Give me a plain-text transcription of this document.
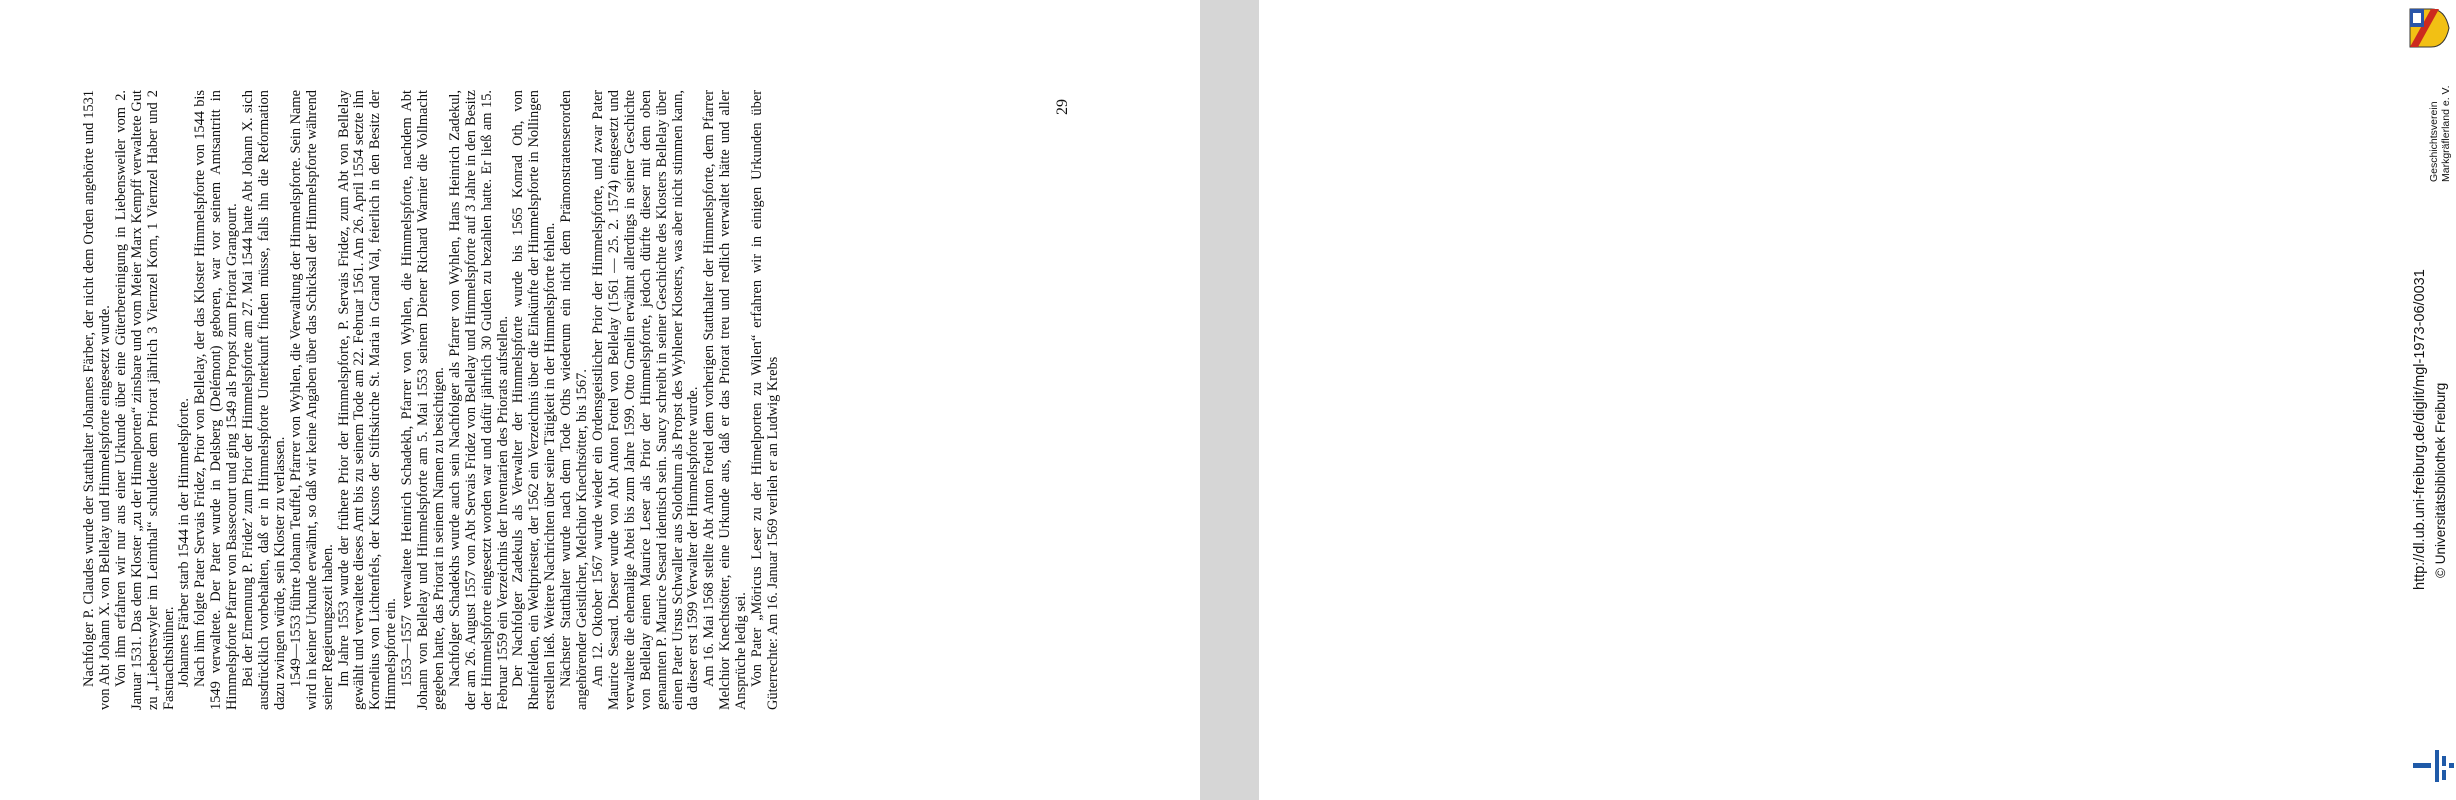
Nachfolger P. Claudes wurde der Statthalter Johannes Färber, der nicht dem Orden angehörte und 1531 von Abt Johann X. von Bellelay und Himmelspforte eingesetzt wurde. Von ihm erfahren wir nur aus einer Urkunde über eine Güterbereinigung in Liebensweiler vom 2. Januar 1531. Das dem Kloster „zu der Himelporten“ zinsbare und vom Meier Marx Kempff verwaltete Gut zu „Liebertswyler im Leimthal“ schuldete dem Priorat jährlich 3 Viernzel Korn, 1 Viernzel Haber und 2 Fastnachtshühner. Johannes Färber starb 1544 in der Himmelspforte. Nach ihm folgte Pater Servais Fridez, Prior von Bellelay, der das Kloster Himmelspforte von 1544 bis 1549 verwaltete. Der Pater wurde in Delsberg (Delémont) geboren, war vor seinem Amtsantritt in Himmelspforte Pfarrer von Bassecourt und ging 1549 als Propst zum Priorat Grangourt. Bei der Ernennung P. Fridez’ zum Prior der Himmelspforte am 27. Mai 1544 hatte Abt Johann X. sich ausdrücklich vorbehalten, daß er in Himmelspforte Unterkunft finden müsse, falls ihn die Reformation dazu zwingen würde, sein Kloster zu verlassen. 1549—1553 führte Johann Teuffel, Pfarrer von Wyhlen, die Verwaltung der Himmelspforte. Sein Name wird in keiner Urkunde erwähnt, so daß wir keine Angaben über das Schicksal der Himmelspforte während seiner Regierungszeit haben. Im Jahre 1553 wurde der frühere Prior der Himmelspforte, P. Servais Fridez, zum Abt von Bellelay gewählt und verwaltete dieses Amt bis zu seinem Tode am 22. Februar 1561. Am 26. April 1554 setzte ihn Kornelius von Lichtenfels, der Kustos der Stiftskirche St. Maria in Grand Val, feierlich in den Besitz der Himmelspforte ein. 1553—1557 verwaltete Heinrich Schadekh, Pfarrer von Wyhlen, die Himmelspforte, nachdem Abt Johann von Bellelay und Himmelspforte am 5. Mai 1553 seinem Diener Richard Warnier die Vollmacht gegeben hatte, das Priorat in seinem Namen zu besichtigen. Nachfolger Schadekhs wurde auch sein Nachfolger als Pfarrer von Wyhlen, Hans Heinrich Zadekul, der am 26. August 1557 von Abt Servais Fridez von Bellelay und Himmelspforte auf 3 Jahre in den Besitz der Himmelspforte eingesetzt worden war und dafür jährlich 30 Gulden zu bezahlen hatte. Er ließ am 15. Februar 1559 ein Verzeichnis der Inventarien des Priorats aufstellen. Der Nachfolger Zadekuls als Verwalter der Himmelspforte wurde bis 1565 Konrad Oth, von Rheinfelden, ein Weltpriester, der 1562 ein Verzeichnis über die Einkünfte der Himmelspforte in Nollingen erstellen ließ. Weitere Nachrichten über seine Tätigkeit in der Himmelspforte fehlen. Nächster Statthalter wurde nach dem Tode Oths wiederum ein nicht dem Prämonstratenserorden angehörender Geistlicher, Melchior Knechtsötter, bis 1567. Am 12. Oktober 1567 wurde wieder ein Ordensgeistlicher Prior der Himmelspforte, und zwar Pater Maurice Sesard. Dieser wurde von Abt Anton Fottel von Bellelay (1561 — 25. 2. 1574) eingesetzt und verwaltete die ehemalige Abtei bis zum Jahre 1599. Otto Gmelin erwähnt allerdings in seiner Geschichte von Bellelay einen Maurice Leser als Prior der Himmelspforte, jedoch dürfte dieser mit dem oben genannten P. Maurice Sesard identisch sein. Saucy schreibt in seiner Geschichte des Klosters Bellelay über einen Pater Ursus Schwaller aus Solothurn als Propst des Wyhlener Klosters, was aber nicht stimmen kann, da dieser erst 1599 Verwalter der Himmelspforte wurde. Am 16. Mai 1568 stellte Abt Anton Fottel dem vorherigen Statthalter der Himmelspforte, dem Pfarrer Melchior Knechtsötter, eine Urkunde aus, daß er das Priorat treu und redlich verwaltet hätte und aller Ansprüche ledig sei. Von Pater „Möricus Leser zu der Himelporten zu Wilen“ erfahren wir in einigen Urkunden über Güterrechte: Am 16. Januar 1569 verlieh er an Ludwig Krebs

29	Geschichtsverein Markgräflerland e. V.
http://dl.ub.uni-freiburg.de/diglit/mgl-1973-06/0031 © Universitätsbibliothek Freiburg
